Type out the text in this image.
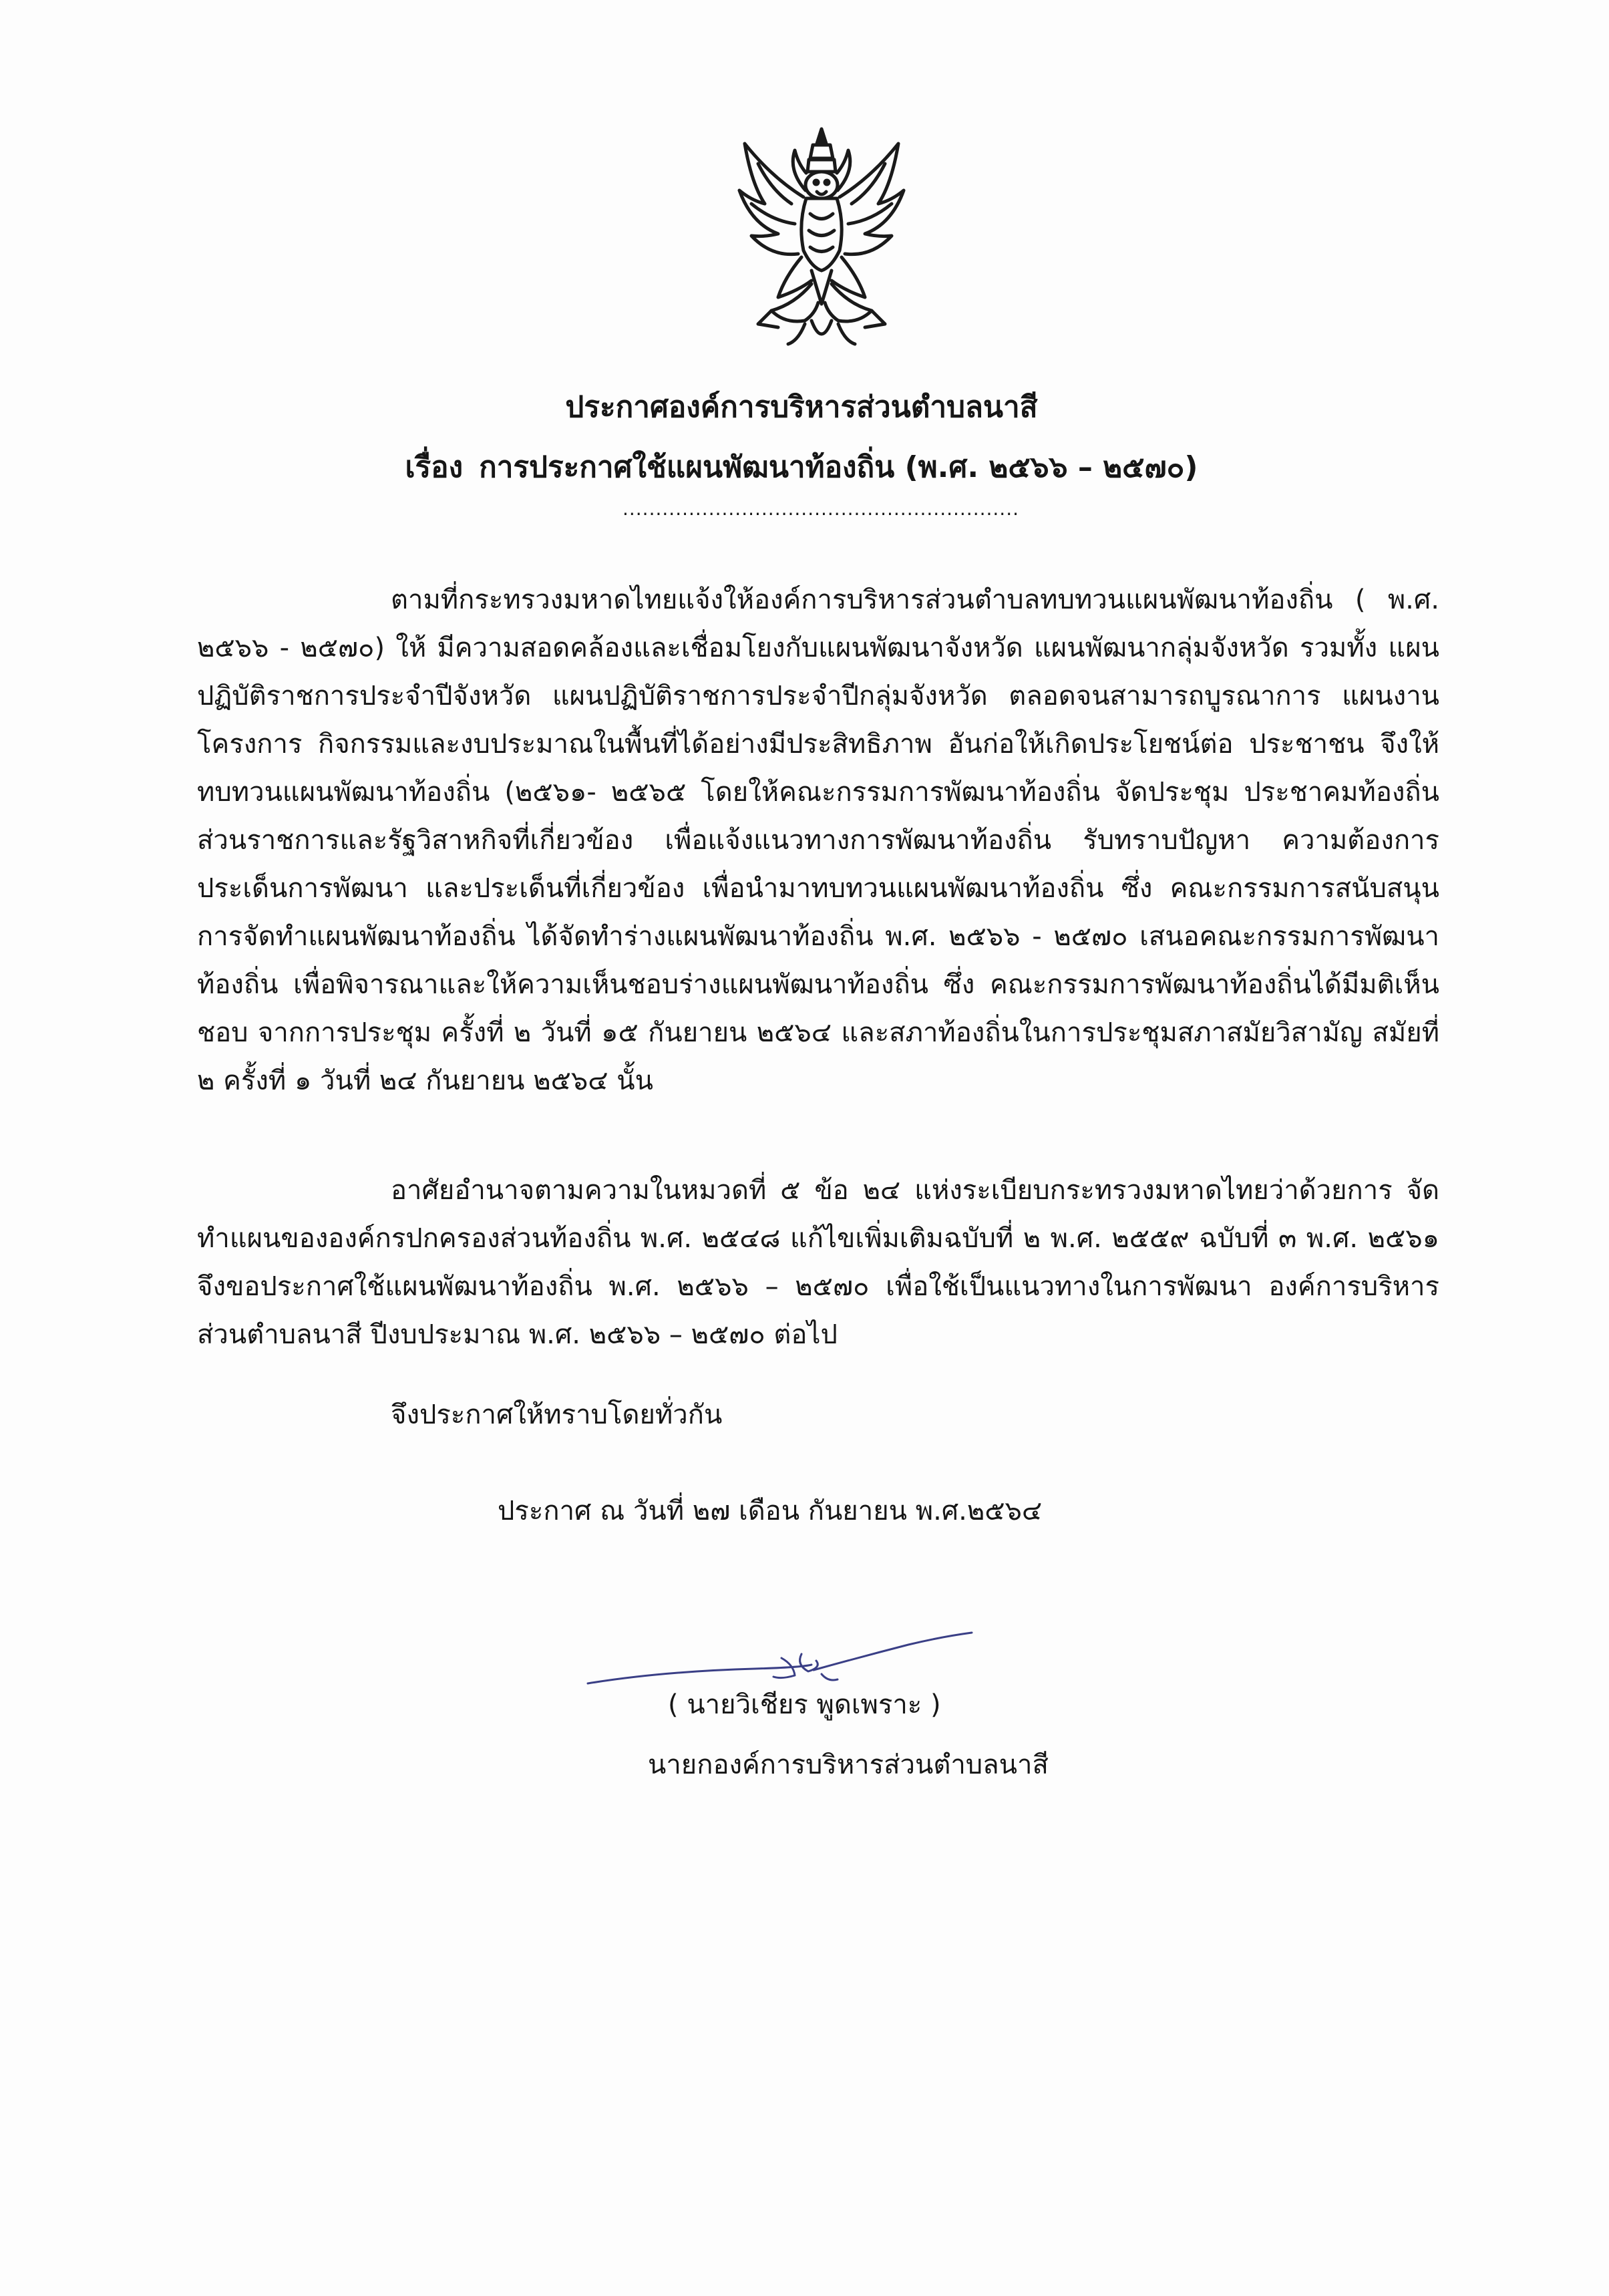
ประกาศองค์การบริหารส่วนตำบลนาสี
เรื่อง การประกาศใช้แผนพัฒนาท้องถิ่น (พ.ศ. ๒๕๖๖ – ๒๕๗๐)
............................................................
ตามที่กระทรวงมหาดไทยแจ้งให้องค์การบริหารส่วนตำบลทบทวนแผนพัฒนาท้องถิ่น ( พ.ศ. ๒๕๖๖ - ๒๕๗๐) ให้ มีความสอดคล้องและเชื่อมโยงกับแผนพัฒนาจังหวัด แผนพัฒนากลุ่มจังหวัด รวมทั้ง แผนปฏิบัติราชการประจำปีจังหวัด แผนปฏิบัติราชการประจำปีกลุ่มจังหวัด ตลอดจนสามารถบูรณาการ แผนงาน โครงการ กิจกรรมและงบประมาณในพื้นที่ได้อย่างมีประสิทธิภาพ อันก่อให้เกิดประโยชน์ต่อ ประชาชน จึงให้ทบทวนแผนพัฒนาท้องถิ่น (๒๕๖๑- ๒๕๖๕ โดยให้คณะกรรมการพัฒนาท้องถิ่น จัดประชุม ประชาคมท้องถิ่น ส่วนราชการและรัฐวิสาหกิจที่เกี่ยวข้อง เพื่อแจ้งแนวทางการพัฒนาท้องถิ่น รับทราบปัญหา ความต้องการ ประเด็นการพัฒนา และประเด็นที่เกี่ยวข้อง เพื่อนำมาทบทวนแผนพัฒนาท้องถิ่น ซึ่ง คณะกรรมการสนับสนุนการจัดทำแผนพัฒนาท้องถิ่น ได้จัดทำร่างแผนพัฒนาท้องถิ่น พ.ศ. ๒๕๖๖ - ๒๕๗๐ เสนอคณะกรรมการพัฒนาท้องถิ่น เพื่อพิจารณาและให้ความเห็นชอบร่างแผนพัฒนาท้องถิ่น ซึ่ง คณะกรรมการพัฒนาท้องถิ่นได้มีมติเห็นชอบ จากการประชุม ครั้งที่ ๒ วันที่ ๑๕ กันยายน ๒๕๖๔ และสภาท้องถิ่นในการประชุมสภาสมัยวิสามัญ สมัยที่ ๒ ครั้งที่ ๑ วันที่ ๒๔ กันยายน ๒๕๖๔ นั้น
อาศัยอำนาจตามความในหมวดที่ ๕ ข้อ ๒๔ แห่งระเบียบกระทรวงมหาดไทยว่าด้วยการ จัดทำแผนขององค์กรปกครองส่วนท้องถิ่น พ.ศ. ๒๕๔๘ แก้ไขเพิ่มเติมฉบับที่ ๒ พ.ศ. ๒๕๕๙ ฉบับที่ ๓ พ.ศ. ๒๕๖๑ จึงขอประกาศใช้แผนพัฒนาท้องถิ่น พ.ศ. ๒๕๖๖ – ๒๕๗๐ เพื่อใช้เป็นแนวทางในการพัฒนา องค์การบริหารส่วนตำบลนาสี ปีงบประมาณ พ.ศ. ๒๕๖๖ – ๒๕๗๐ ต่อไป
จึงประกาศให้ทราบโดยทั่วกัน
ประกาศ ณ วันที่ ๒๗ เดือน กันยายน พ.ศ.๒๕๖๔
( นายวิเชียร พูดเพราะ )
นายกองค์การบริหารส่วนตำบลนาสี
